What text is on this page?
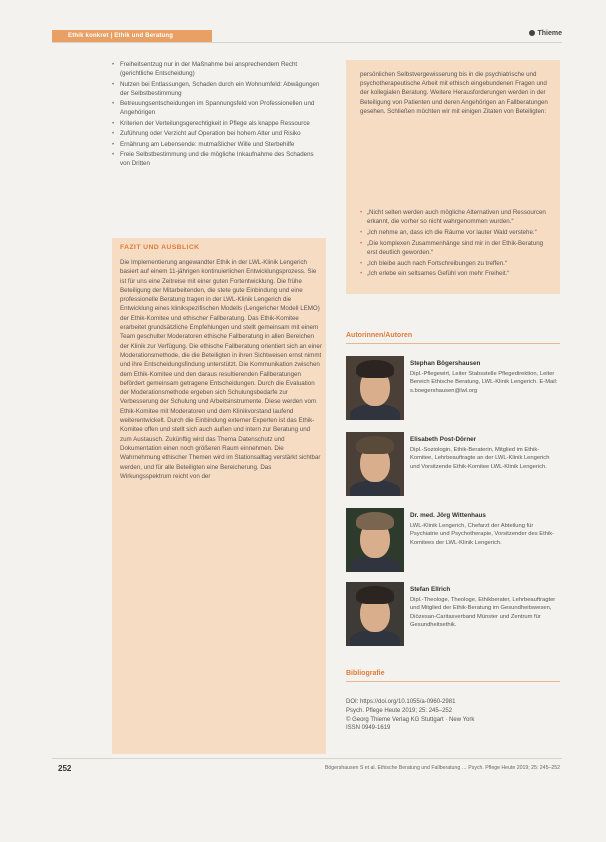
Ethik konkret | Ethik und Beratung	Thieme
• Freiheitsentzug nur in der Maßnahme bei ansprechendem Recht (gerichtliche Entscheidung)
• Nutzen bei Entlassungen, Schaden durch ein Wohnumfeld: Abwägungen der Selbstbestimmung
• Betreuungsentscheidungen im Spannungsfeld von Professionellen und Angehörigen
• Kriterien der Verteilungsgerechtigkeit in Pflege als knappe Ressource
• Zuführung oder Verzicht auf Operation bei hohem Alter und Risiko
• Ernährung am Lebensende: mutmaßlicher Wille und Sterbehilfe
• Freie Selbstbestimmung und die mögliche Inkaufnahme des Schadens von Dritten
FAZIT UND AUSBLICK
Die Implementierung angewandter Ethik in der LWL-Klinik Lengerich basiert auf einem 11-jährigen kontinuierlichen Entwicklungsprozess. Sie ist für uns eine Zeitreise mit einer guten Fortentwicklung. Die frühe Beteiligung der Mitarbeitenden, die stete gute Einbindung und eine professionelle Beratung tragen in der LWL-Klinik Lengerich die Entwicklung eines klinikspezifischen Modells (Lengericher Modell LEMO) der Ethik-Komitee und ethischer Fallberatung. Das Ethik-Komitee erarbeitet grundsätzliche Empfehlungen und stellt gemeinsam mit einem Team geschulter Moderatoren ethische Fallberatung in allen Bereichen der Klinik zur Verfügung. Die ethische Fallberatung orientiert sich an einer Moderationsmethode, die die Beteiligten in ihren Sichtweisen ernst nimmt und ihre Entscheidungsfindung unterstützt. Die Kommunikation zwischen dem Ethik-Komitee und den daraus resultierenden Fallberatungen befördert gemeinsam getragene Entscheidungen. Durch die Evaluation der Moderationsmethode ergeben sich Schulungsbedarfe zur Verbesserung der Schulung und Arbeitsinstrumente. Diese werden vom Ethik-Komitee mit Moderatoren und dem Klinikvorstand laufend weiterentwickelt. Durch die Einbindung externer Experten ist das Ethik-Komitee offen und stellt sich auch außen und intern zur Beratung und zum Austausch. Zukünftig wird das Thema Datenschutz und Dokumentation einen noch größeren Raum einnehmen. Die Wahrnehmung ethischer Themen wird im Stationsalltag verstärkt sichtbar werden, und für alle Beteiligten eine Bereicherung. Das Wirkungsspektrum reicht von der

persönlichen Selbstvergewisserung bis in die psychiatrische und psychotherapeutische Arbeit mit ethisch eingebundenen Fragen und der kollegialen Beratung. Weitere Herausforderungen werden in der Beteiligung von Patienten und deren Angehörigen an Fallberatungen gesehen. Schließen möchten wir mit einigen Zitaten von Beteiligten:

• „Nicht selten werden auch mögliche Alternativen und Ressourcen erkannt, die vorher so nicht wahrgenommen wurden.“
• „Ich nehme an, dass ich die Räume vor lauter Wald verstehe.“
• „Die komplexen Zusammenhänge sind mir in der Ethik-Beratung erst deutlich geworden.“
• „Ich bleibe auch nach Fortschreibungen zu treffen.“
• „Ich erlebe ein seltsames Gefühl von mehr Freiheit.“
Autorinnen/Autoren
Stephan Bögershausen
Dipl.-Pflegewirt, Leiter Stabsstelle Pflegedirektion, Leiter Bereich Ethische Beratung, LWL-Klinik Lengerich. E-Mail: s.boegershausen@lwl.org
Elisabeth Post-Dörner
Dipl.-Soziologin, Ethik-Beraterin, Mitglied im Ethik-Komitee, Lehrbeauftragte an der LWL-Klinik Lengerich und Vorsitzende Ethik-Komitee LWL-Klinik Lengerich.
Dr. med. Jörg Wittenhaus
LWL-Klinik Lengerich, Chefarzt der Abteilung für Psychiatrie und Psychotherapie, Vorsitzender des Ethik-Komitees der LWL-Klinik Lengerich.
Stefan Ellrich
Dipl.-Theologe, Theologe, Ethikberater, Lehrbeauftragter und Mitglied der Ethik-Beratung im Gesundheitswesen, Diözesan-Caritasverband Münster und Zentrum für Gesundheitsethik.
Bibliografie
DOI: https://doi.org/10.1055/a-0960-2981
Psych. Pflege Heute 2019; 25: 245–252
© Georg Thieme Verlag KG Stuttgart · New York
ISSN 0949-1619
252	Bögershausen S et al. Ethische Beratung und Fallberatung … Psych. Pflege Heute 2019; 25: 245–252
